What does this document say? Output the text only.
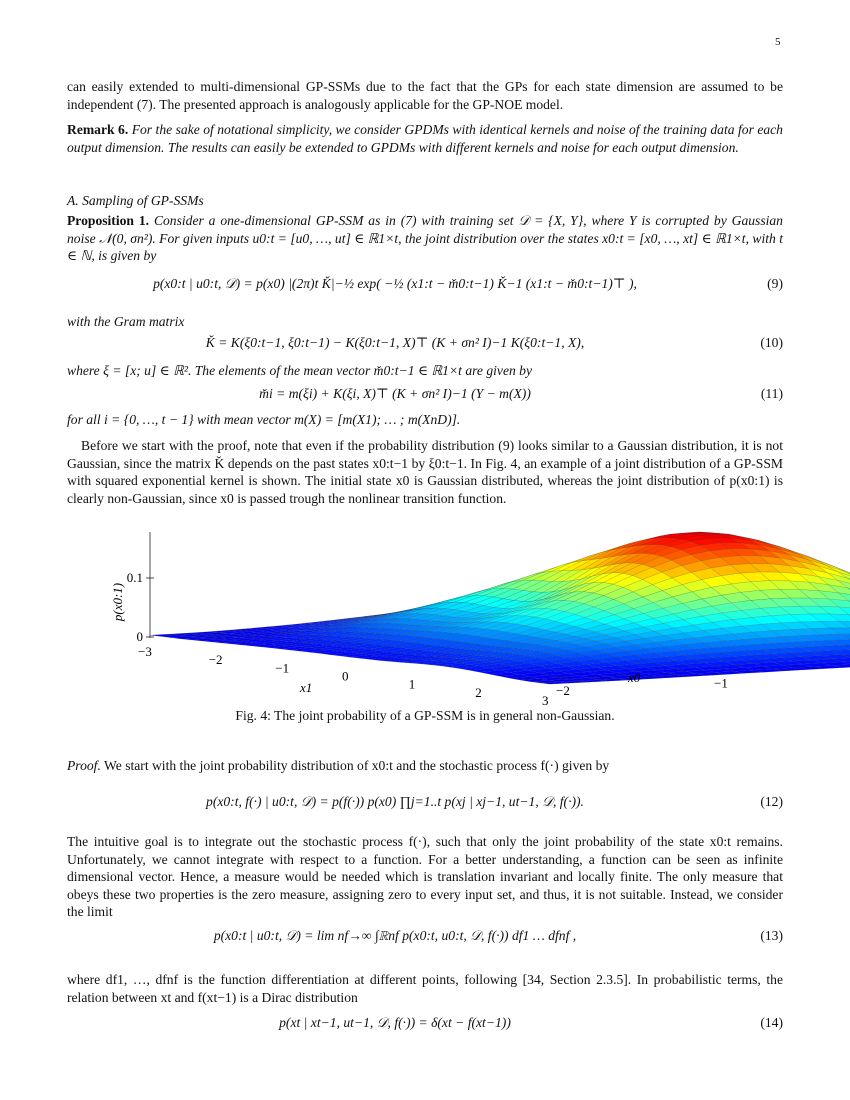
5

can easily extended to multi-dimensional GP-SSMs due to the fact that the GPs for each state dimension are assumed to be independent (7). The presented approach is analogously applicable for the GP-NOE model.

Remark 6. For the sake of notational simplicity, we consider GPDMs with identical kernels and noise of the training data for each output dimension. The results can easily be extended to GPDMs with different kernels and noise for each output dimension.

A. Sampling of GP-SSMs

Proposition 1. Consider a one-dimensional GP-SSM as in (7) with training set 𝒟 = {X, Y}, where Y is corrupted by Gaussian noise 𝒩(0, σn²). For given inputs u0:t = [u0, …, ut] ∈ ℝ1×t, the joint distribution over the states x0:t = [x0, …, xt] ∈ ℝ1×t, with t ∈ ℕ, is given by

p(x0:t | u0:t, 𝒟) = p(x0) |(2π)t Ǩ|−½ exp( −½ (x1:t − m̌0:t−1) Ǩ−1 (x1:t − m̌0:t−1)⊤ ),	(9)

with the Gram matrix

Ǩ = K(ξ0:t−1, ξ0:t−1) − K(ξ0:t−1, X)⊤ (K + σn² I)−1 K(ξ0:t−1, X),	(10)

where ξ = [x; u] ∈ ℝ². The elements of the mean vector m̌0:t−1 ∈ ℝ1×t are given by

m̌i = m(ξi) + K(ξi, X)⊤ (K + σn² I)−1 (Y − m(X))	(11)

for all i = {0, …, t − 1} with mean vector m(X) = [m(X1); … ; m(XnD)].

Before we start with the proof, note that even if the probability distribution (9) looks similar to a Gaussian distribution, it is not Gaussian, since the matrix Ǩ depends on the past states x0:t−1 by ξ0:t−1. In Fig. 4, an example of a joint distribution of a GP-SSM with squared exponential kernel is shown. The initial state x0 is Gaussian distributed, whereas the joint distribution of p(x0:1) is clearly non-Gaussian, since x0 is passed trough the nonlinear transition function.

0.1
0
p(x0:1)
3
2
1
0
−1
−2
−3
−2	−1
x1
x0
Fig. 4: The joint probability of a GP-SSM is in general non-Gaussian.

Proof. We start with the joint probability distribution of x0:t and the stochastic process f(·) given by

p(x0:t, f(·) | u0:t, 𝒟) = p(f(·)) p(x0) ∏j=1..t p(xj | xj−1, ut−1, 𝒟, f(·)).	(12)

The intuitive goal is to integrate out the stochastic process f(·), such that only the joint probability of the state x0:t remains. Unfortunately, we cannot integrate with respect to a function. For a better understanding, a function can be seen as infinite dimensional vector. Hence, a measure would be needed which is translation invariant and locally finite. The only measure that obeys these two properties is the zero measure, assigning zero to every input set, and thus, it is not suitable. Instead, we consider the limit

p(x0:t | u0:t, 𝒟) = lim nf→∞ ∫ℝnf p(x0:t, u0:t, 𝒟, f(·)) df1 … dfnf ,	(13)

where df1, …, dfnf is the function differentiation at different points, following [34, Section 2.3.5]. In probabilistic terms, the relation between xt and f(xt−1) is a Dirac distribution

p(xt | xt−1, ut−1, 𝒟, f(·)) = δ(xt − f(xt−1))	(14)
